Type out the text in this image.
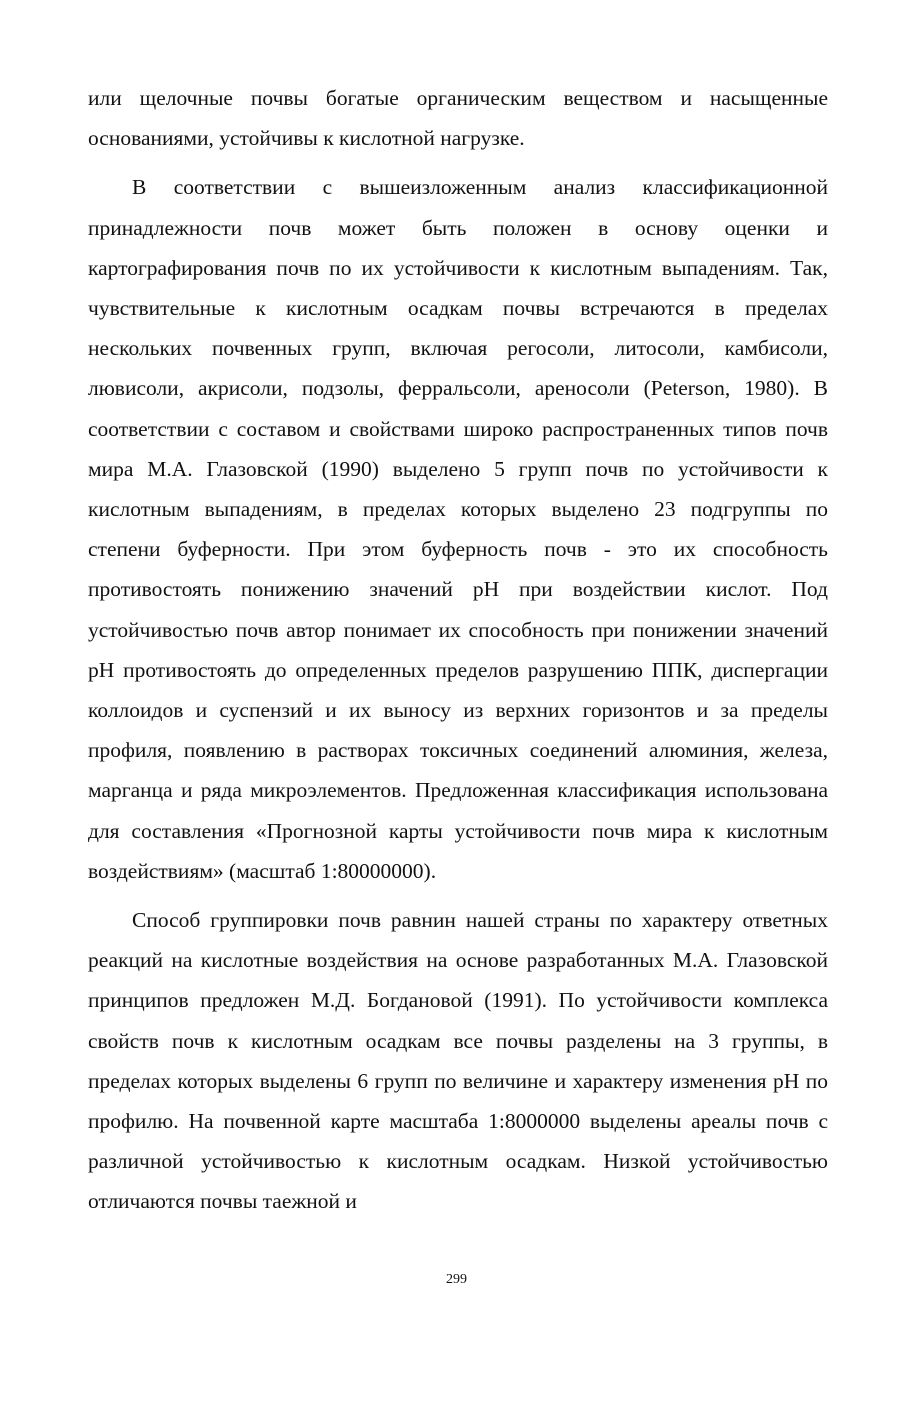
или щелочные почвы богатые органическим веществом и насыщенные основаниями, устойчивы к кислотной нагрузке.

В соответствии с вышеизложенным анализ классификационной принадлежности почв может быть положен в основу оценки и картографирования почв по их устойчивости к кислотным выпадениям. Так, чувствительные к кислотным осадкам почвы встречаются в пределах нескольких почвенных групп, включая регосоли, литосоли, камбисоли, лювисоли, акрисоли, подзолы, ферральсоли, ареносоли (Peterson, 1980). В соответствии с составом и свойствами широко распространенных типов почв мира М.А. Глазовской (1990) выделено 5 групп почв по устойчивости к кислотным выпадениям, в пределах которых выделено 23 подгруппы по степени буферности. При этом буферность почв - это их способность противостоять понижению значений pH при воздействии кислот. Под устойчивостью почв автор понимает их способность при понижении значений pH противостоять до определенных пределов разрушению ППК, диспергации коллоидов и суспензий и их выносу из верхних горизонтов и за пределы профиля, появлению в растворах токсичных соединений алюминия, железа, марганца и ряда микроэлементов. Предложенная классификация использована для составления «Прогнозной карты устойчивости почв мира к кислотным воздействиям» (масштаб 1:80000000).

Способ группировки почв равнин нашей страны по характеру ответных реакций на кислотные воздействия на основе разработанных М.А. Глазовской принципов предложен М.Д. Богдановой (1991). По устойчивости комплекса свойств почв к кислотным осадкам все почвы разделены на 3 группы, в пределах которых выделены 6 групп по величине и характеру изменения pH по профилю. На почвенной карте масштаба 1:8000000 выделены ареалы почв с различной устойчивостью к кислотным осадкам. Низкой устойчивостью отличаются почвы таежной и

299
